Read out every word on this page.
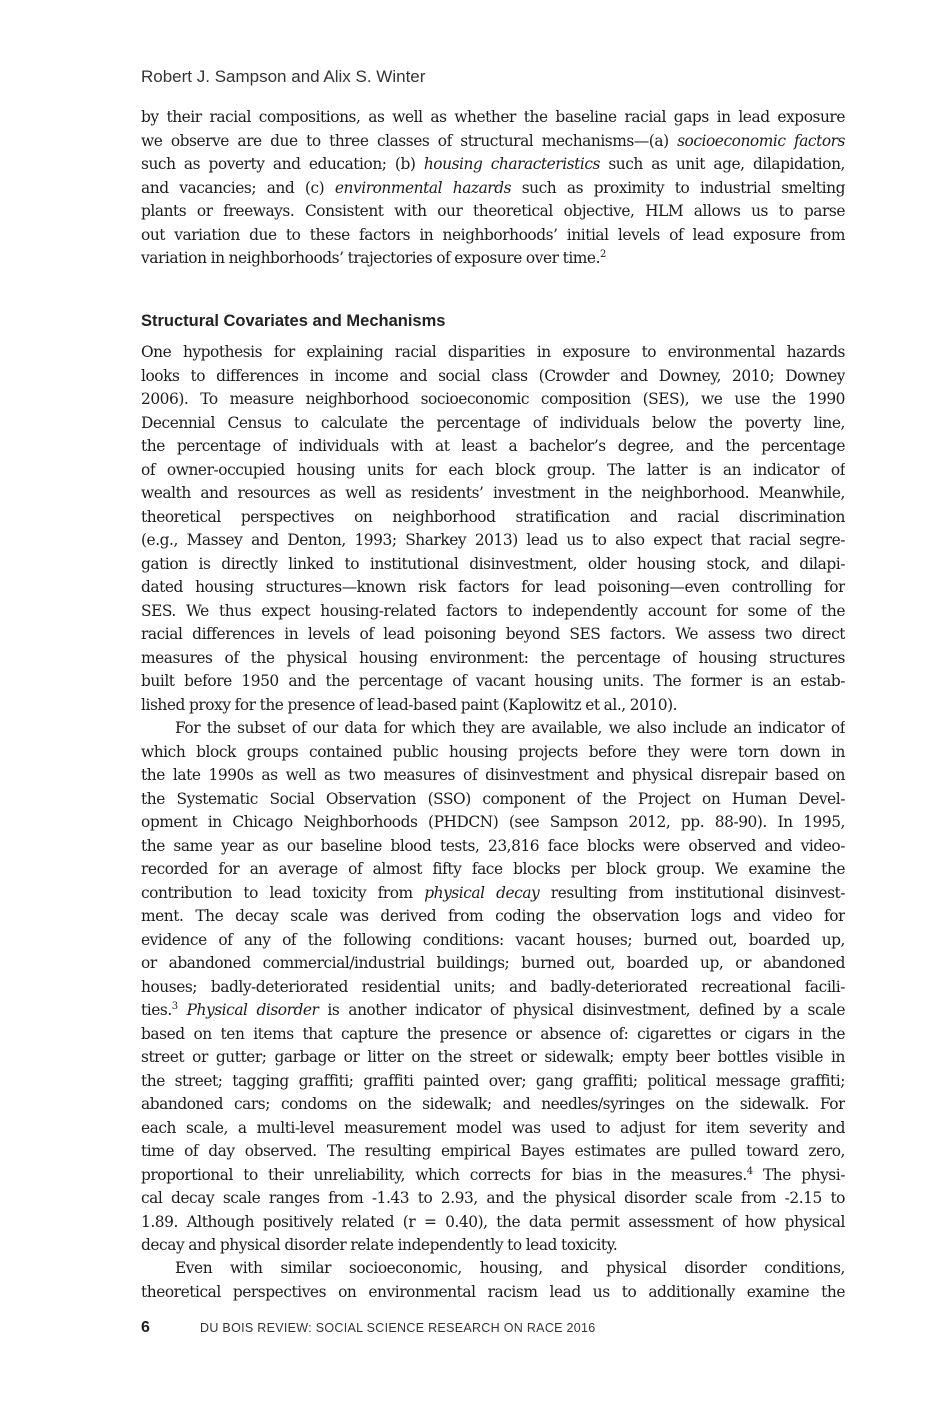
Robert J. Sampson and Alix S. Winter
by their racial compositions, as well as whether the baseline racial gaps in lead exposure
we observe are due to three classes of structural mechanisms—(a) socioeconomic factors
such as poverty and education; (b) housing characteristics such as unit age, dilapidation,
and vacancies; and (c) environmental hazards such as proximity to industrial smelting
plants or freeways. Consistent with our theoretical objective, HLM allows us to parse
out variation due to these factors in neighborhoods’ initial levels of lead exposure from
variation in neighborhoods’ trajectories of exposure over time.$^2$
Structural Covariates and Mechanisms
One hypothesis for explaining racial disparities in exposure to environmental hazards
looks to differences in income and social class (Crowder and Downey, 2010; Downey
2006). To measure neighborhood socioeconomic composition (SES), we use the 1990
Decennial Census to calculate the percentage of individuals below the poverty line,
the percentage of individuals with at least a bachelor’s degree, and the percentage
of owner-occupied housing units for each block group. The latter is an indicator of
wealth and resources as well as residents’ investment in the neighborhood. Meanwhile,
theoretical perspectives on neighborhood stratification and racial discrimination
(e.g., Massey and Denton, 1993; Sharkey 2013) lead us to also expect that racial segre-
gation is directly linked to institutional disinvestment, older housing stock, and dilapi-
dated housing structures—known risk factors for lead poisoning—even controlling for
SES. We thus expect housing-related factors to independently account for some of the
racial differences in levels of lead poisoning beyond SES factors. We assess two direct
measures of the physical housing environment: the percentage of housing structures
built before 1950 and the percentage of vacant housing units. The former is an estab-
lished proxy for the presence of lead-based paint (Kaplowitz et al., 2010).
For the subset of our data for which they are available, we also include an indicator of
which block groups contained public housing projects before they were torn down in
the late 1990s as well as two measures of disinvestment and physical disrepair based on
the Systematic Social Observation (SSO) component of the Project on Human Devel-
opment in Chicago Neighborhoods (PHDCN) (see Sampson 2012, pp. 88-90). In 1995,
the same year as our baseline blood tests, 23,816 face blocks were observed and video-
recorded for an average of almost fifty face blocks per block group. We examine the
contribution to lead toxicity from physical decay resulting from institutional disinvest-
ment. The decay scale was derived from coding the observation logs and video for
evidence of any of the following conditions: vacant houses; burned out, boarded up,
or abandoned commercial/industrial buildings; burned out, boarded up, or abandoned
houses; badly-deteriorated residential units; and badly-deteriorated recreational facili-
ties.$^3$ Physical disorder is another indicator of physical disinvestment, defined by a scale
based on ten items that capture the presence or absence of: cigarettes or cigars in the
street or gutter; garbage or litter on the street or sidewalk; empty beer bottles visible in
the street; tagging graffiti; graffiti painted over; gang graffiti; political message graffiti;
abandoned cars; condoms on the sidewalk; and needles/syringes on the sidewalk. For
each scale, a multi-level measurement model was used to adjust for item severity and
time of day observed. The resulting empirical Bayes estimates are pulled toward zero,
proportional to their unreliability, which corrects for bias in the measures.$^4$ The physi-
cal decay scale ranges from -1.43 to 2.93, and the physical disorder scale from -2.15 to
1.89. Although positively related (r = 0.40), the data permit assessment of how physical
decay and physical disorder relate independently to lead toxicity.
Even with similar socioeconomic, housing, and physical disorder conditions,
theoretical perspectives on environmental racism lead us to additionally examine the
6	DU BOIS REVIEW: SOCIAL SCIENCE RESEARCH ON RACE 2016
